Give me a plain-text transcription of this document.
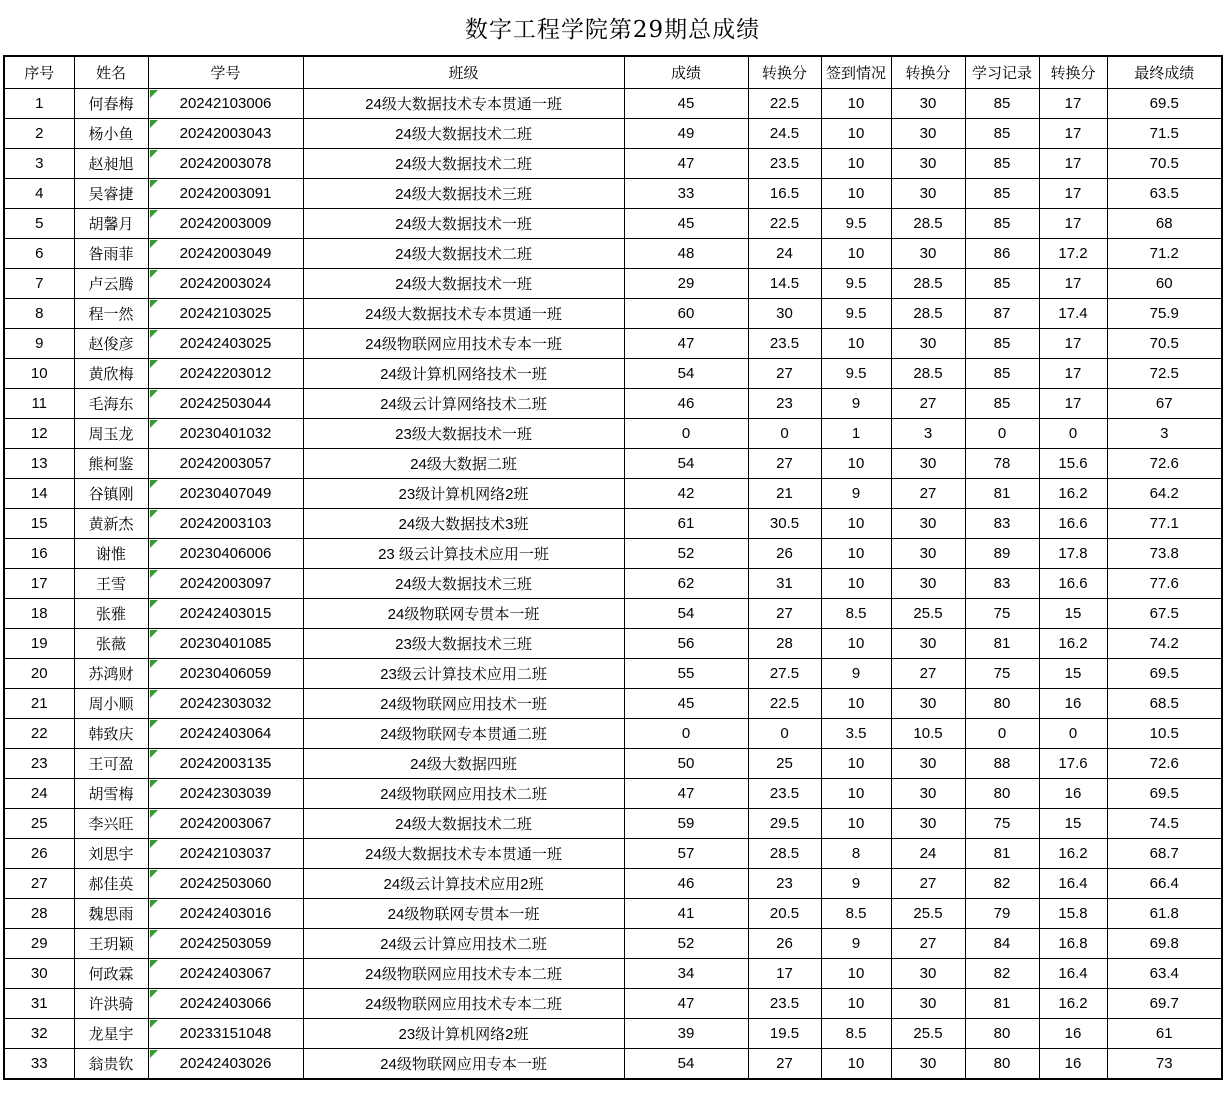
数字工程学院第29期总成绩
序号	姓名	学号	班级	成绩	转换分	签到情况	转换分	学习记录	转换分	最终成绩
1	何春梅	20242103006	24级大数据技术专本贯通一班	45	22.5	10	30	85	17	69.5
2	杨小鱼	20242003043	24级大数据技术二班	49	24.5	10	30	85	17	71.5
3	赵昶旭	20242003078	24级大数据技术二班	47	23.5	10	30	85	17	70.5
4	吴睿捷	20242003091	24级大数据技术三班	33	16.5	10	30	85	17	63.5
5	胡馨月	20242003009	24级大数据技术一班	45	22.5	9.5	28.5	85	17	68
6	昝雨菲	20242003049	24级大数据技术二班	48	24	10	30	86	17.2	71.2
7	卢云腾	20242003024	24级大数据技术一班	29	14.5	9.5	28.5	85	17	60
8	程一然	20242103025	24级大数据技术专本贯通一班	60	30	9.5	28.5	87	17.4	75.9
9	赵俊彦	20242403025	24级物联网应用技术专本一班	47	23.5	10	30	85	17	70.5
10	黄欣梅	20242203012	24级计算机网络技术一班	54	27	9.5	28.5	85	17	72.5
11	毛海东	20242503044	24级云计算网络技术二班	46	23	9	27	85	17	67
12	周玉龙	20230401032	23级大数据技术一班	0	0	1	3	0	0	3
13	熊柯鉴	20242003057	24级大数据二班	54	27	10	30	78	15.6	72.6
14	谷镇刚	20230407049	23级计算机网络2班	42	21	9	27	81	16.2	64.2
15	黄新杰	20242003103	24级大数据技术3班	61	30.5	10	30	83	16.6	77.1
16	谢惟	20230406006	23 级云计算技术应用一班	52	26	10	30	89	17.8	73.8
17	王雪	20242003097	24级大数据技术三班	62	31	10	30	83	16.6	77.6
18	张雅	20242403015	24级物联网专贯本一班	54	27	8.5	25.5	75	15	67.5
19	张薇	20230401085	23级大数据技术三班	56	28	10	30	81	16.2	74.2
20	苏鸿财	20230406059	23级云计算技术应用二班	55	27.5	9	27	75	15	69.5
21	周小顺	20242303032	24级物联网应用技术一班	45	22.5	10	30	80	16	68.5
22	韩致庆	20242403064	24级物联网专本贯通二班	0	0	3.5	10.5	0	0	10.5
23	王可盈	20242003135	24级大数据四班	50	25	10	30	88	17.6	72.6
24	胡雪梅	20242303039	24级物联网应用技术二班	47	23.5	10	30	80	16	69.5
25	李兴旺	20242003067	24级大数据技术二班	59	29.5	10	30	75	15	74.5
26	刘思宇	20242103037	24级大数据技术专本贯通一班	57	28.5	8	24	81	16.2	68.7
27	郝佳英	20242503060	24级云计算技术应用2班	46	23	9	27	82	16.4	66.4
28	魏思雨	20242403016	24级物联网专贯本一班	41	20.5	8.5	25.5	79	15.8	61.8
29	王玥颖	20242503059	24级云计算应用技术二班	52	26	9	27	84	16.8	69.8
30	何政霖	20242403067	24级物联网应用技术专本二班	34	17	10	30	82	16.4	63.4
31	许洪骑	20242403066	24级物联网应用技术专本二班	47	23.5	10	30	81	16.2	69.7
32	龙星宇	20233151048	23级计算机网络2班	39	19.5	8.5	25.5	80	16	61
33	翁贵钦	20242403026	24级物联网应用专本一班	54	27	10	30	80	16	73
